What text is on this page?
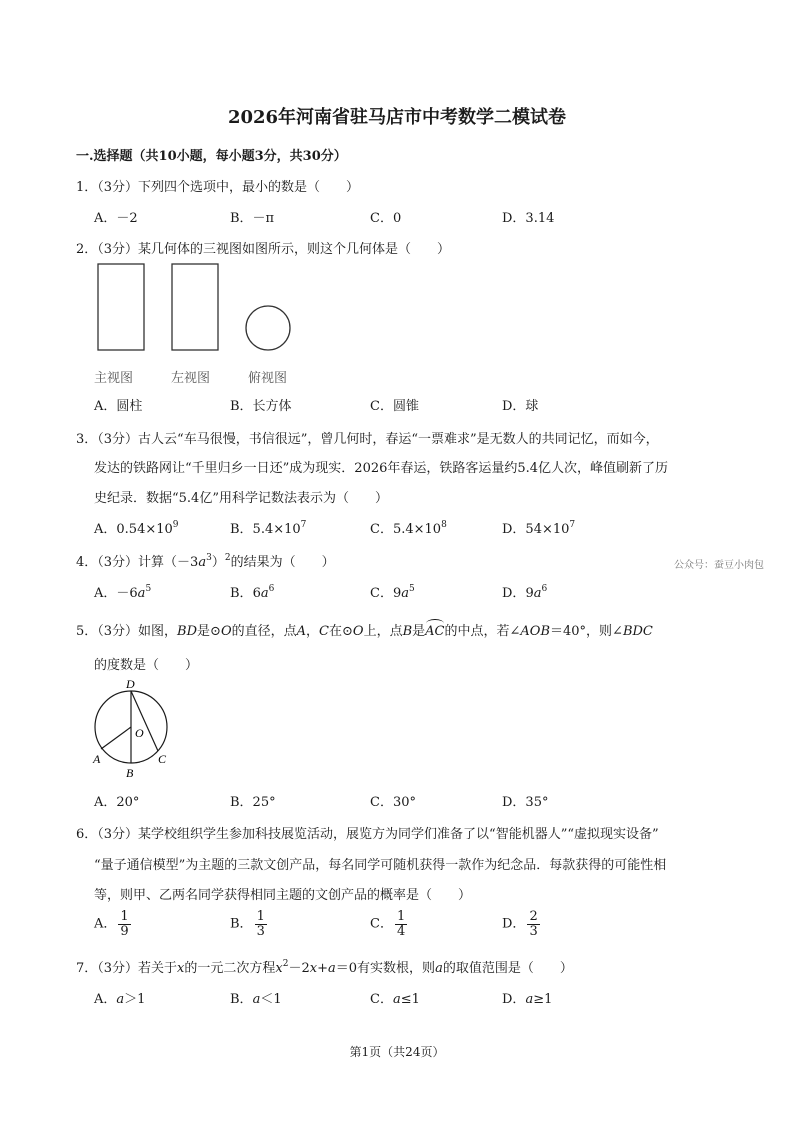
2026年河南省驻马店市中考数学二模试卷
一.选择题（共10小题，每小题3分，共30分）
1．（3分）下列四个选项中，最小的数是（　　）
A．－2	B．－π	C．0	D．3.14
2．（3分）某几何体的三视图如图所示，则这个几何体是（　　）
主视图	左视图	俯视图
A．圆柱	B．长方体	C．圆锥	D．球
3．（3分）古人云“车马很慢，书信很远”，曾几何时，春运“一票难求”是无数人的共同记忆，而如今，
发达的铁路网让“千里归乡一日还”成为现实．2026年春运，铁路客运量约5.4亿人次，峰值刷新了历
史纪录．数据“5.4亿”用科学记数法表示为（　　）
A．$0.54\times 10^9$	B．$5.4\times 10^7$	C．$5.4\times 10^8$	D．$54\times 10^7$
4．（3分）计算$(-3a^3)^2$的结果为（　　）	公众号：蚕豆小肉包
A．$-6a^5$	B．$6a^6$	C．$9a^5$	D．$9a^6$
5．（3分）如图，BD是⊙O的直径，点A，C在⊙O上，点B是AC的中点，若∠AOB＝40°，则∠BDC
的度数是（　　）
D
O
A
B
C
A．20°	B．25°	C．30°	D．35°
6．（3分）某学校组织学生参加科技展览活动，展览方为同学们准备了以“智能机器人”“虚拟现实设备”
“量子通信模型”为主题的三款文创产品，每名同学可随机获得一款作为纪念品．每款获得的可能性相
等，则甲、乙两名同学获得相同主题的文创产品的概率是（　　）
A． $\frac{1}{9}$	B． $\frac{1}{3}$	C． $\frac{1}{4}$	D． $\frac{2}{3}$
7．（3分）若关于x的一元二次方程$x^2-2x+a=0$有实数根，则a的取值范围是（　　）
A．a＞1	B．a＜1	C．a≤1	D．a≥1
第1页（共24页）
